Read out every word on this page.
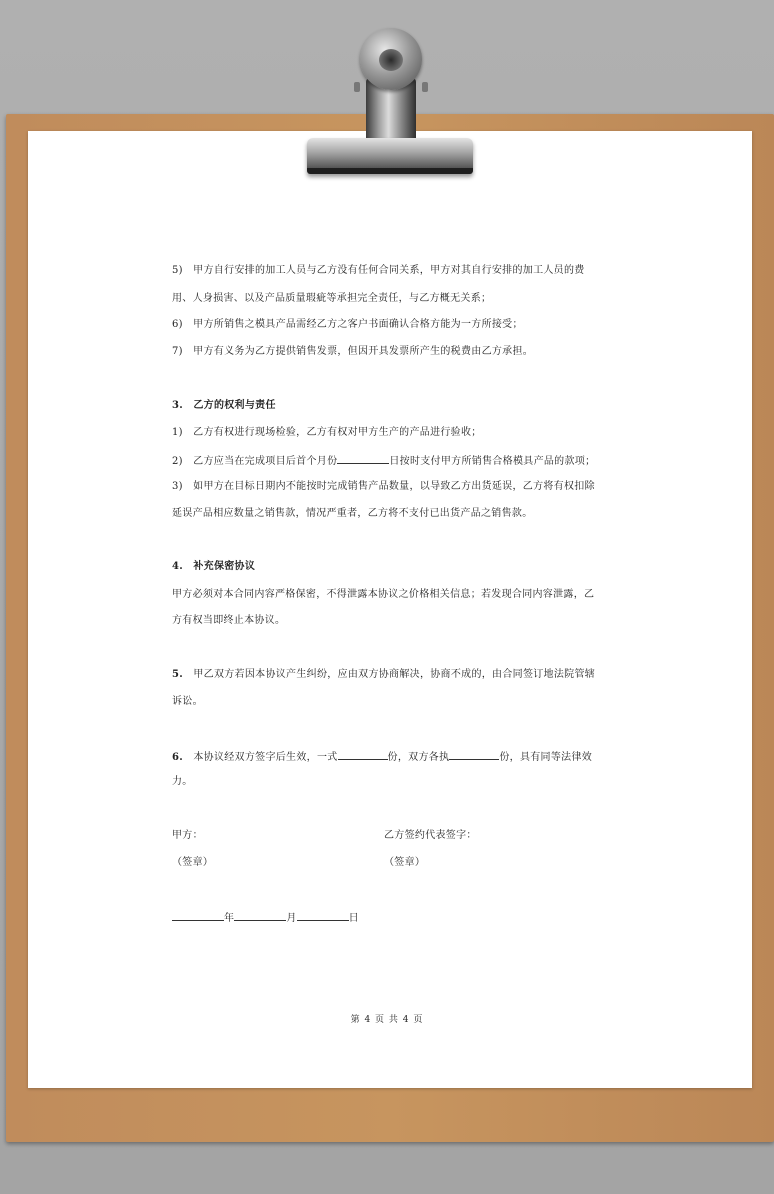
5)　甲方自行安排的加工人员与乙方没有任何合同关系，甲方对其自行安排的加工人员的费
用、人身损害、以及产品质量瑕疵等承担完全责任，与乙方概无关系；
6)　甲方所销售之模具产品需经乙方之客户书面确认合格方能为一方所接受；
7)　甲方有义务为乙方提供销售发票，但因开具发票所产生的税费由乙方承担。
3.　乙方的权利与责任
1)　乙方有权进行现场检验，乙方有权对甲方生产的产品进行验收；
2)　乙方应当在完成项目后首个月份	日按时支付甲方所销售合格模具产品的款项；
3)　如甲方在目标日期内不能按时完成销售产品数量，以导致乙方出货延误，乙方将有权扣除
延误产品相应数量之销售款，情况严重者，乙方将不支付已出货产品之销售款。
4.　补充保密协议
甲方必须对本合同内容严格保密，不得泄露本协议之价格相关信息；若发现合同内容泄露，乙
方有权当即终止本协议。
5.　甲乙双方若因本协议产生纠纷，应由双方协商解决，协商不成的，由合同签订地法院管辖
诉讼。
6.　本协议经双方签字后生效，一式	份，双方各执	份，具有同等法律效
力。
甲方：	乙方签约代表签字：
（签章）	（签章）
年	月	日
第 4 页 共 4 页
